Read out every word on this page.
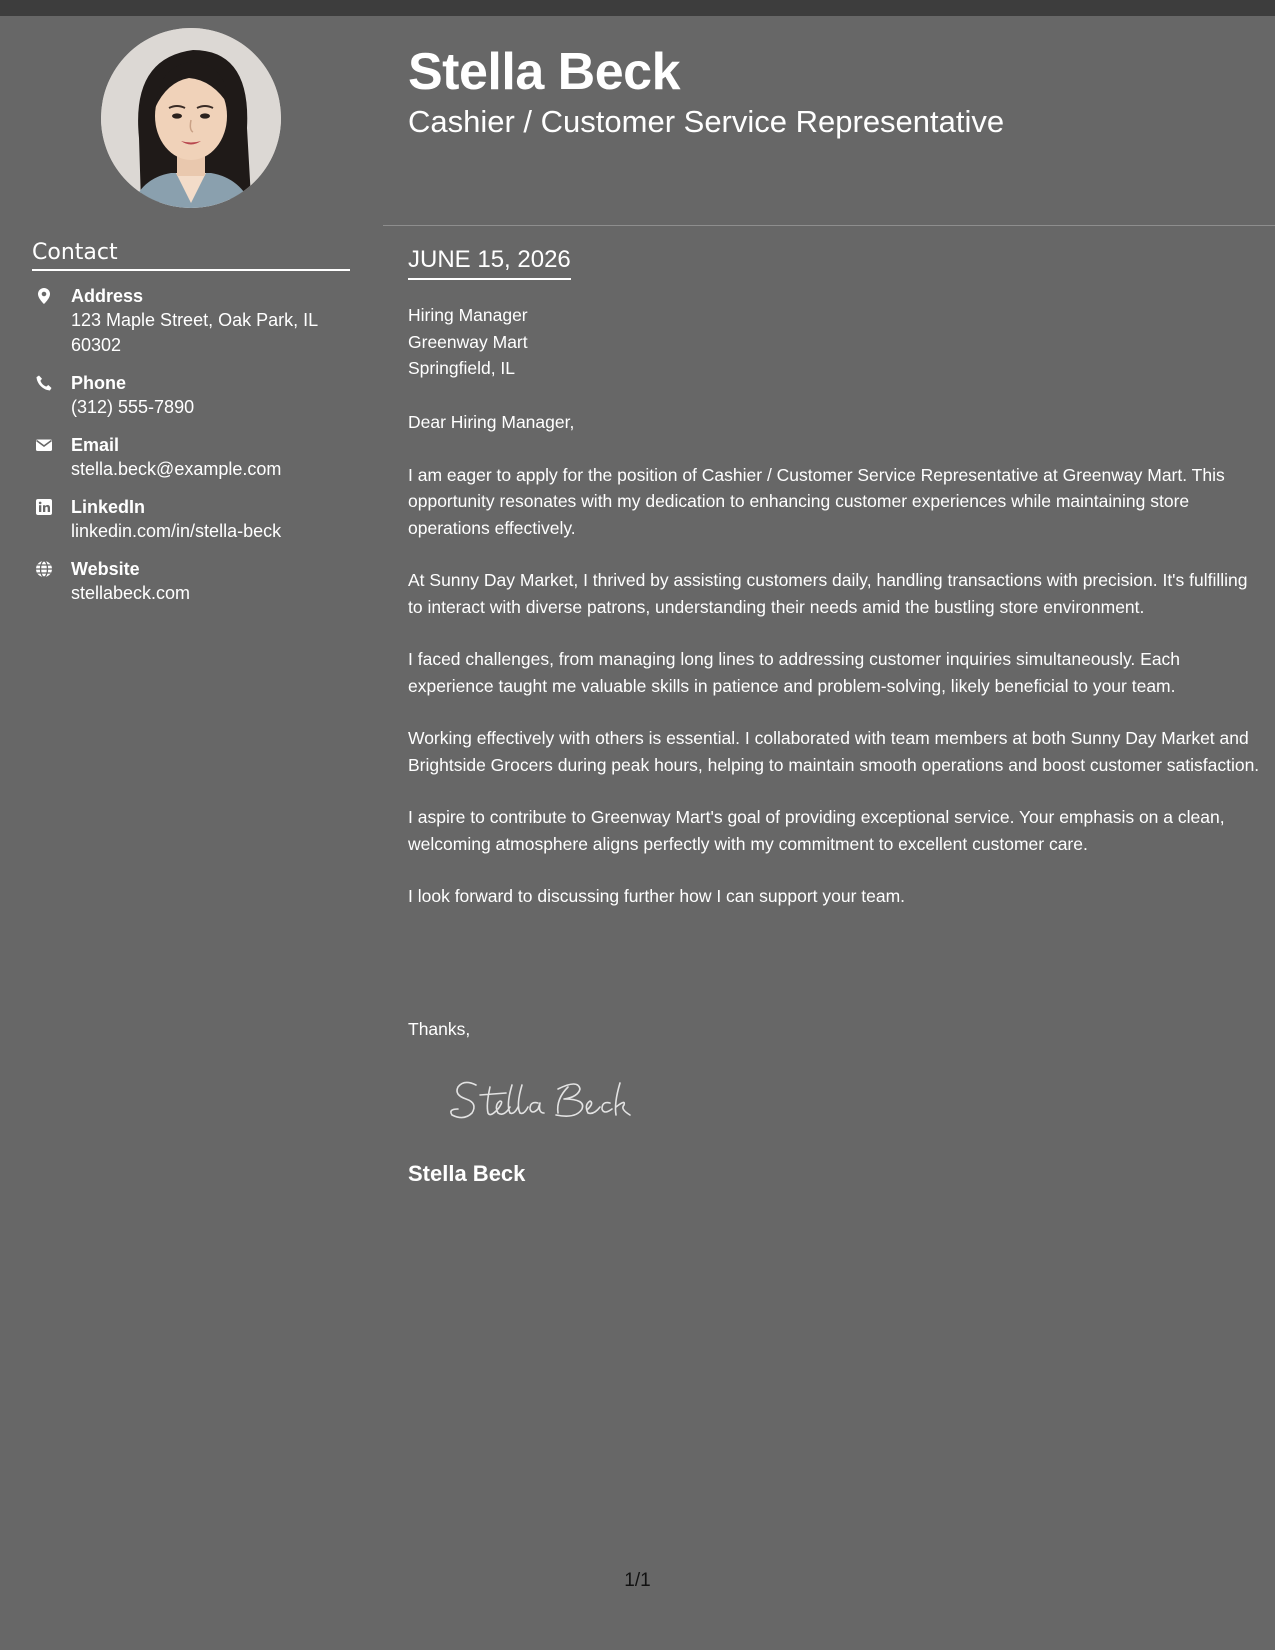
Stella Beck
Cashier / Customer Service Representative
Contact
Address
123 Maple Street, Oak Park, IL 60302
Phone
(312) 555-7890
Email
stella.beck@example.com
LinkedIn
linkedin.com/in/stella-beck
Website
stellabeck.com
JUNE 15, 2026
Hiring Manager
Greenway Mart
Springfield, IL

Dear Hiring Manager,

I am eager to apply for the position of Cashier / Customer Service Representative at Greenway Mart. This opportunity resonates with my dedication to enhancing customer experiences while maintaining store operations effectively.

At Sunny Day Market, I thrived by assisting customers daily, handling transactions with precision. It's fulfilling to interact with diverse patrons, understanding their needs amid the bustling store environment.

I faced challenges, from managing long lines to addressing customer inquiries simultaneously. Each experience taught me valuable skills in patience and problem-solving, likely beneficial to your team.

Working effectively with others is essential. I collaborated with team members at both Sunny Day Market and Brightside Grocers during peak hours, helping to maintain smooth operations and boost customer satisfaction.

I aspire to contribute to Greenway Mart's goal of providing exceptional service. Your emphasis on a clean, welcoming atmosphere aligns perfectly with my commitment to excellent customer care.

I look forward to discussing further how I can support your team.

Thanks,
Stella Beck
1/1
